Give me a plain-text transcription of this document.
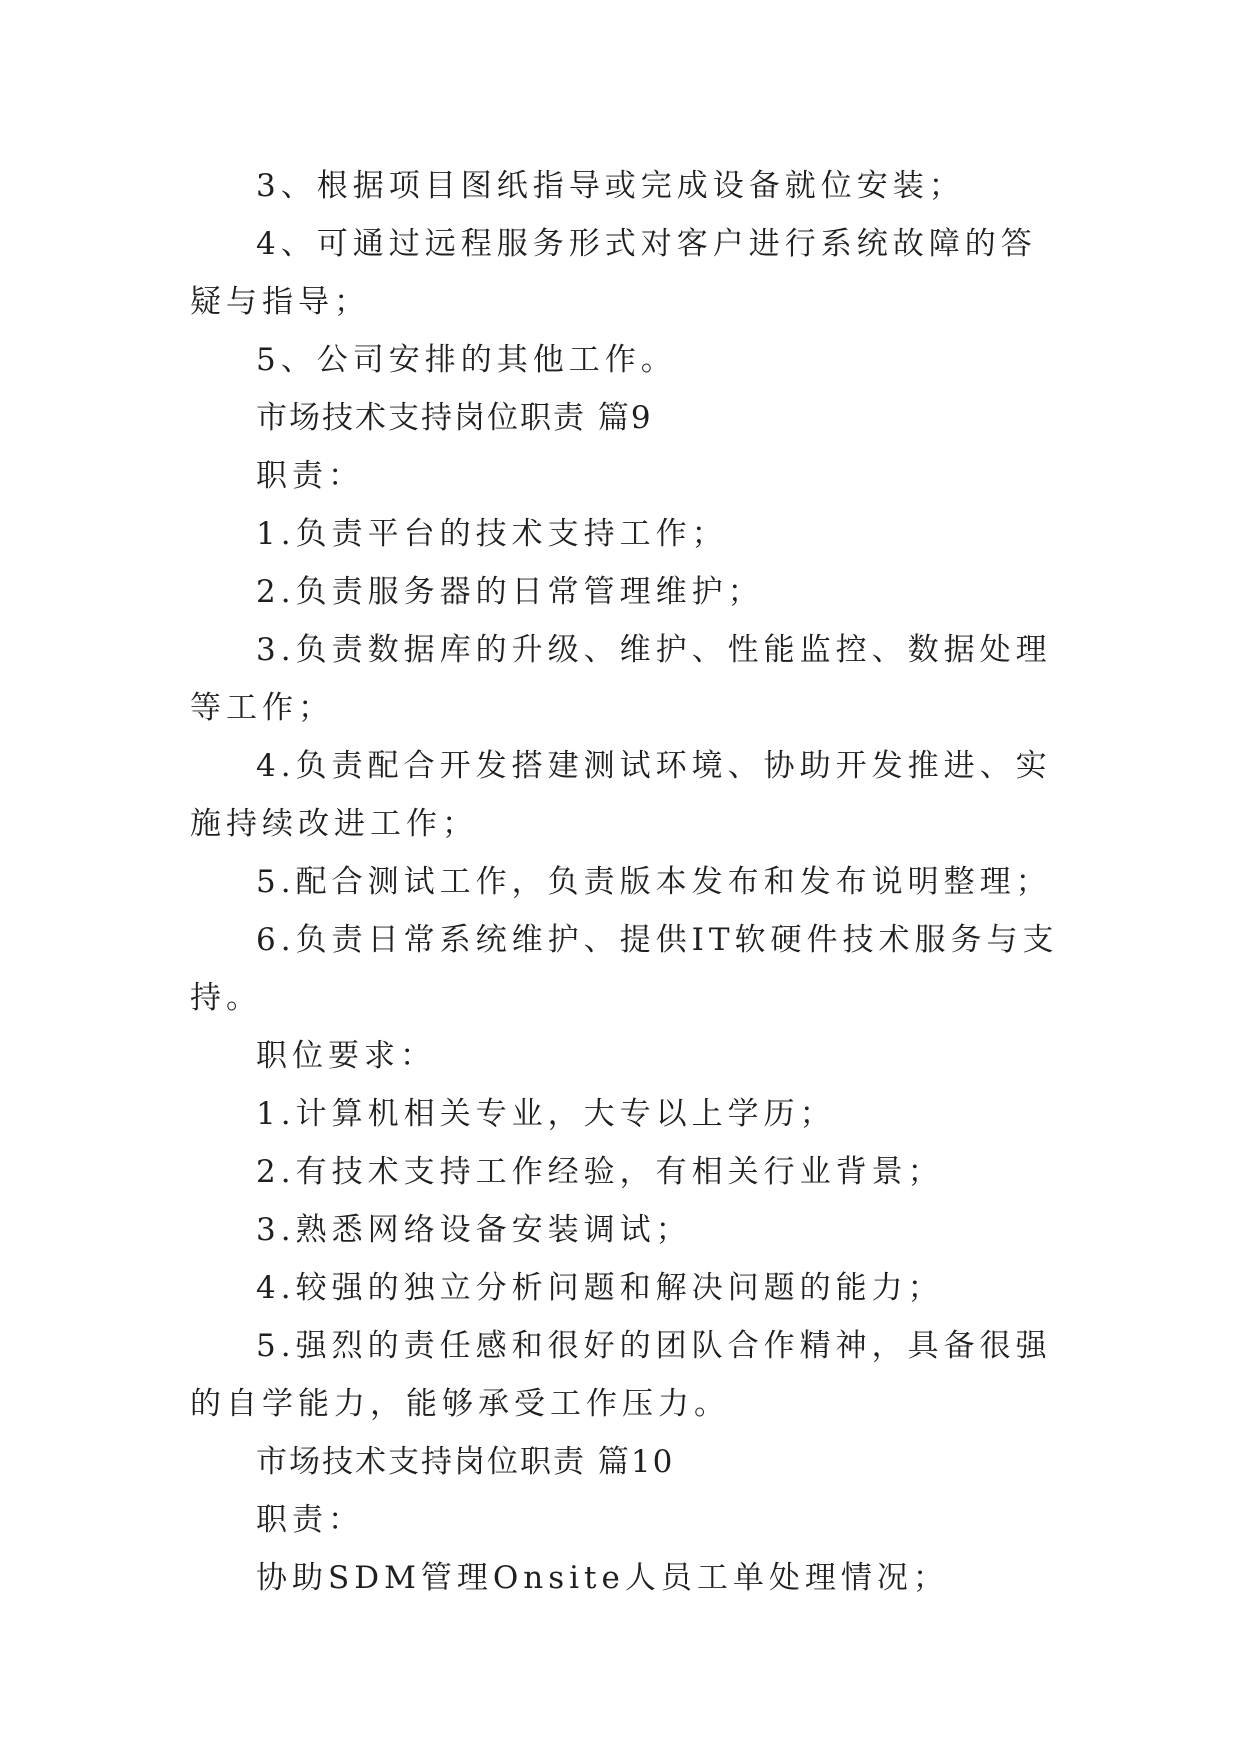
3、根据项目图纸指导或完成设备就位安装；

4、可通过远程服务形式对客户进行系统故障的答疑与指导；

5、公司安排的其他工作。

市场技术支持岗位职责 篇9

职责：

1.负责平台的技术支持工作；

2.负责服务器的日常管理维护；

3.负责数据库的升级、维护、性能监控、数据处理等工作；

4.负责配合开发搭建测试环境、协助开发推进、实施持续改进工作；

5.配合测试工作，负责版本发布和发布说明整理；

6.负责日常系统维护、提供IT软硬件技术服务与支持。

职位要求：

1.计算机相关专业，大专以上学历；

2.有技术支持工作经验，有相关行业背景；

3.熟悉网络设备安装调试；

4.较强的独立分析问题和解决问题的能力；

5.强烈的责任感和很好的团队合作精神，具备很强的自学能力，能够承受工作压力。

市场技术支持岗位职责 篇10

职责：

协助SDM管理Onsite人员工单处理情况；
